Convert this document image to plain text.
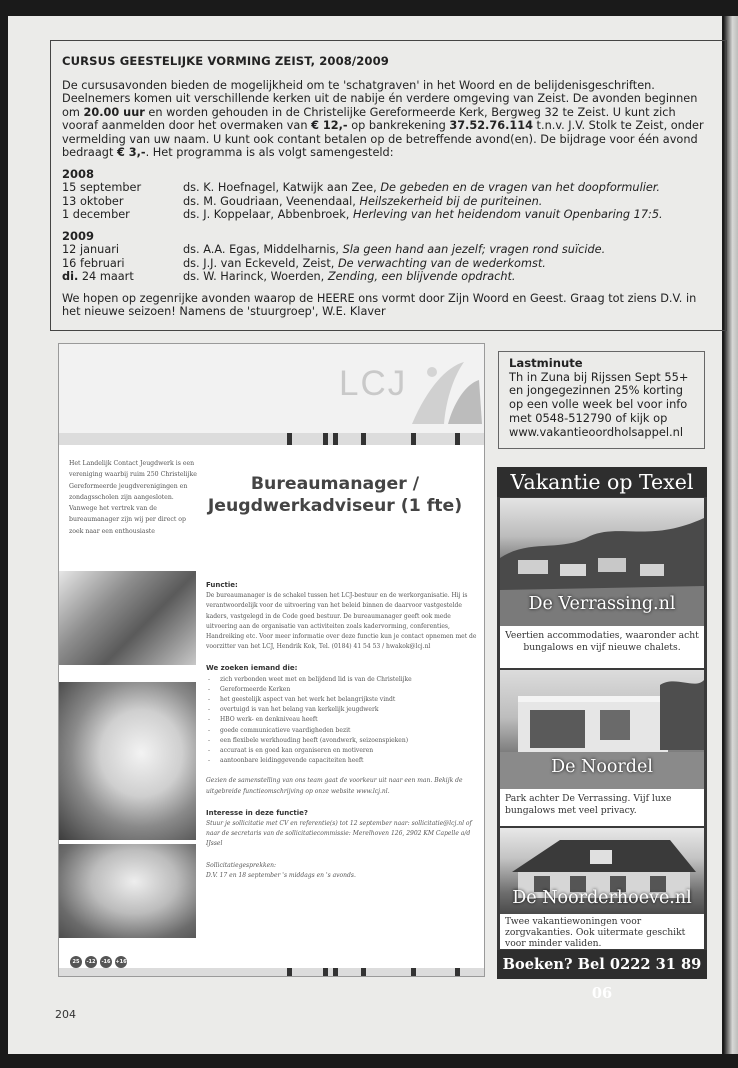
CURSUS GEESTELIJKE VORMING ZEIST, 2008/2009

De cursusavonden bieden de mogelijkheid om te 'schatgraven' in het Woord en de belijdenisgeschriften. Deelnemers komen uit verschillende kerken uit de nabije én verdere omgeving van Zeist. De avonden beginnen om 20.00 uur en worden gehouden in de Christelijke Gereformeerde Kerk, Bergweg 32 te Zeist. U kunt zich vooraf aanmelden door het overmaken van € 12,- op bankrekening 37.52.76.114 t.n.v. J.V. Stolk te Zeist, onder vermelding van uw naam. U kunt ook contant betalen op de betreffende avond(en). De bijdrage voor één avond bedraagt € 3,-. Het programma is als volgt samengesteld:

2008
15 september	ds. K. Hoefnagel, Katwijk aan Zee, De gebeden en de vragen van het doopformulier.
13 oktober	ds. M. Goudriaan, Veenendaal, Heilszekerheid bij de puriteinen.
1 december	ds. J. Koppelaar, Abbenbroek, Herleving van het heidendom vanuit Openbaring 17:5.
2009
12 januari	ds. A.A. Egas, Middelharnis, Sla geen hand aan jezelf; vragen rond suïcide.
16 februari	ds. J.J. van Eckeveld, Zeist, De verwachting van de wederkomst.
di. 24 maart	ds. W. Harinck, Woerden, Zending, een blijvende opdracht.

We hopen op zegenrijke avonden waarop de HEERE ons vormt door Zijn Woord en Geest. Graag tot ziens D.V. in het nieuwe seizoen! Namens de 'stuurgroep', W.E. Klaver

LCJ
Het Landelijk Contact Jeugdwerk is een vereniging waarbij ruim 250 Christelijke Gereformeerde jeugdverenigingen en zondagsscholen zijn aangesloten. Vanwege het vertrek van de bureaumanager zijn wij per direct op zoek naar een enthousiaste
Bureaumanager /
Jeugdwerkadviseur (1 fte)
Functie:
De bureaumanager is de schakel tussen het LCJ-bestuur en de werkorganisatie. Hij is verantwoordelijk voor de uitvoering van het beleid binnen de daarvoor vastgestelde kaders, vastgelegd in de Code goed bestuur. De bureaumanager geeft ook mede uitvoering aan de organisatie van activiteiten zoals kadervorming, conferenties, Handreiking etc. Voor meer informatie over deze functie kun je contact opnemen met de voorzitter van het LCJ, Hendrik Kok, Tel. (0184) 41 54 53 / hwakok@lcj.nl
We zoeken iemand die:
- zich verbonden weet met en belijdend lid is van de Christelijke
- Gereformeerde Kerken
- het geestelijk aspect van het werk het belangrijkste vindt
- overtuigd is van het belang van kerkelijk jeugdwerk
- HBO werk- en denkniveau heeft
- goede communicatieve vaardigheden bezit
- een flexibele werkhouding heeft (avondwerk, seizoenspieken)
- accuraat is en goed kan organiseren en motiveren
- aantoonbare leidinggevende capaciteiten heeft
Gezien de samenstelling van ons team gaat de voorkeur uit naar een man. Bekijk de uitgebreide functieomschrijving op onze website www.lcj.nl.
Interesse in deze functie?
Stuur je sollicitatie met CV en referentie(s) tot 12 september naar: sollicitatie@lcj.nl of naar de secretaris van de sollicitatiecommissie: Merelhoven 126, 2902 KM Capelle a/d IJssel
Sollicitatiegesprekken:
D.V. 17 en 18 september 's middags en 's avonds.
25	-12 -16 +16
Lastminute
Th in Zuna bij Rijssen Sept 55+ en jongegezinnen 25% korting op een volle week bel voor info met 0548-512790 of kijk op www.vakantieoordholsappel.nl
Vakantie op Texel
De Verrassing.nl
Veertien accommodaties, waaronder acht bungalows en vijf nieuwe chalets.
De Noordel
Park achter De Verrassing. Vijf luxe bungalows met veel privacy.
De Noorderhoeve.nl
Twee vakantiewoningen voor zorgvakanties. Ook uitermate geschikt voor minder validen.
Boeken? Bel 0222 31 89 06
204
